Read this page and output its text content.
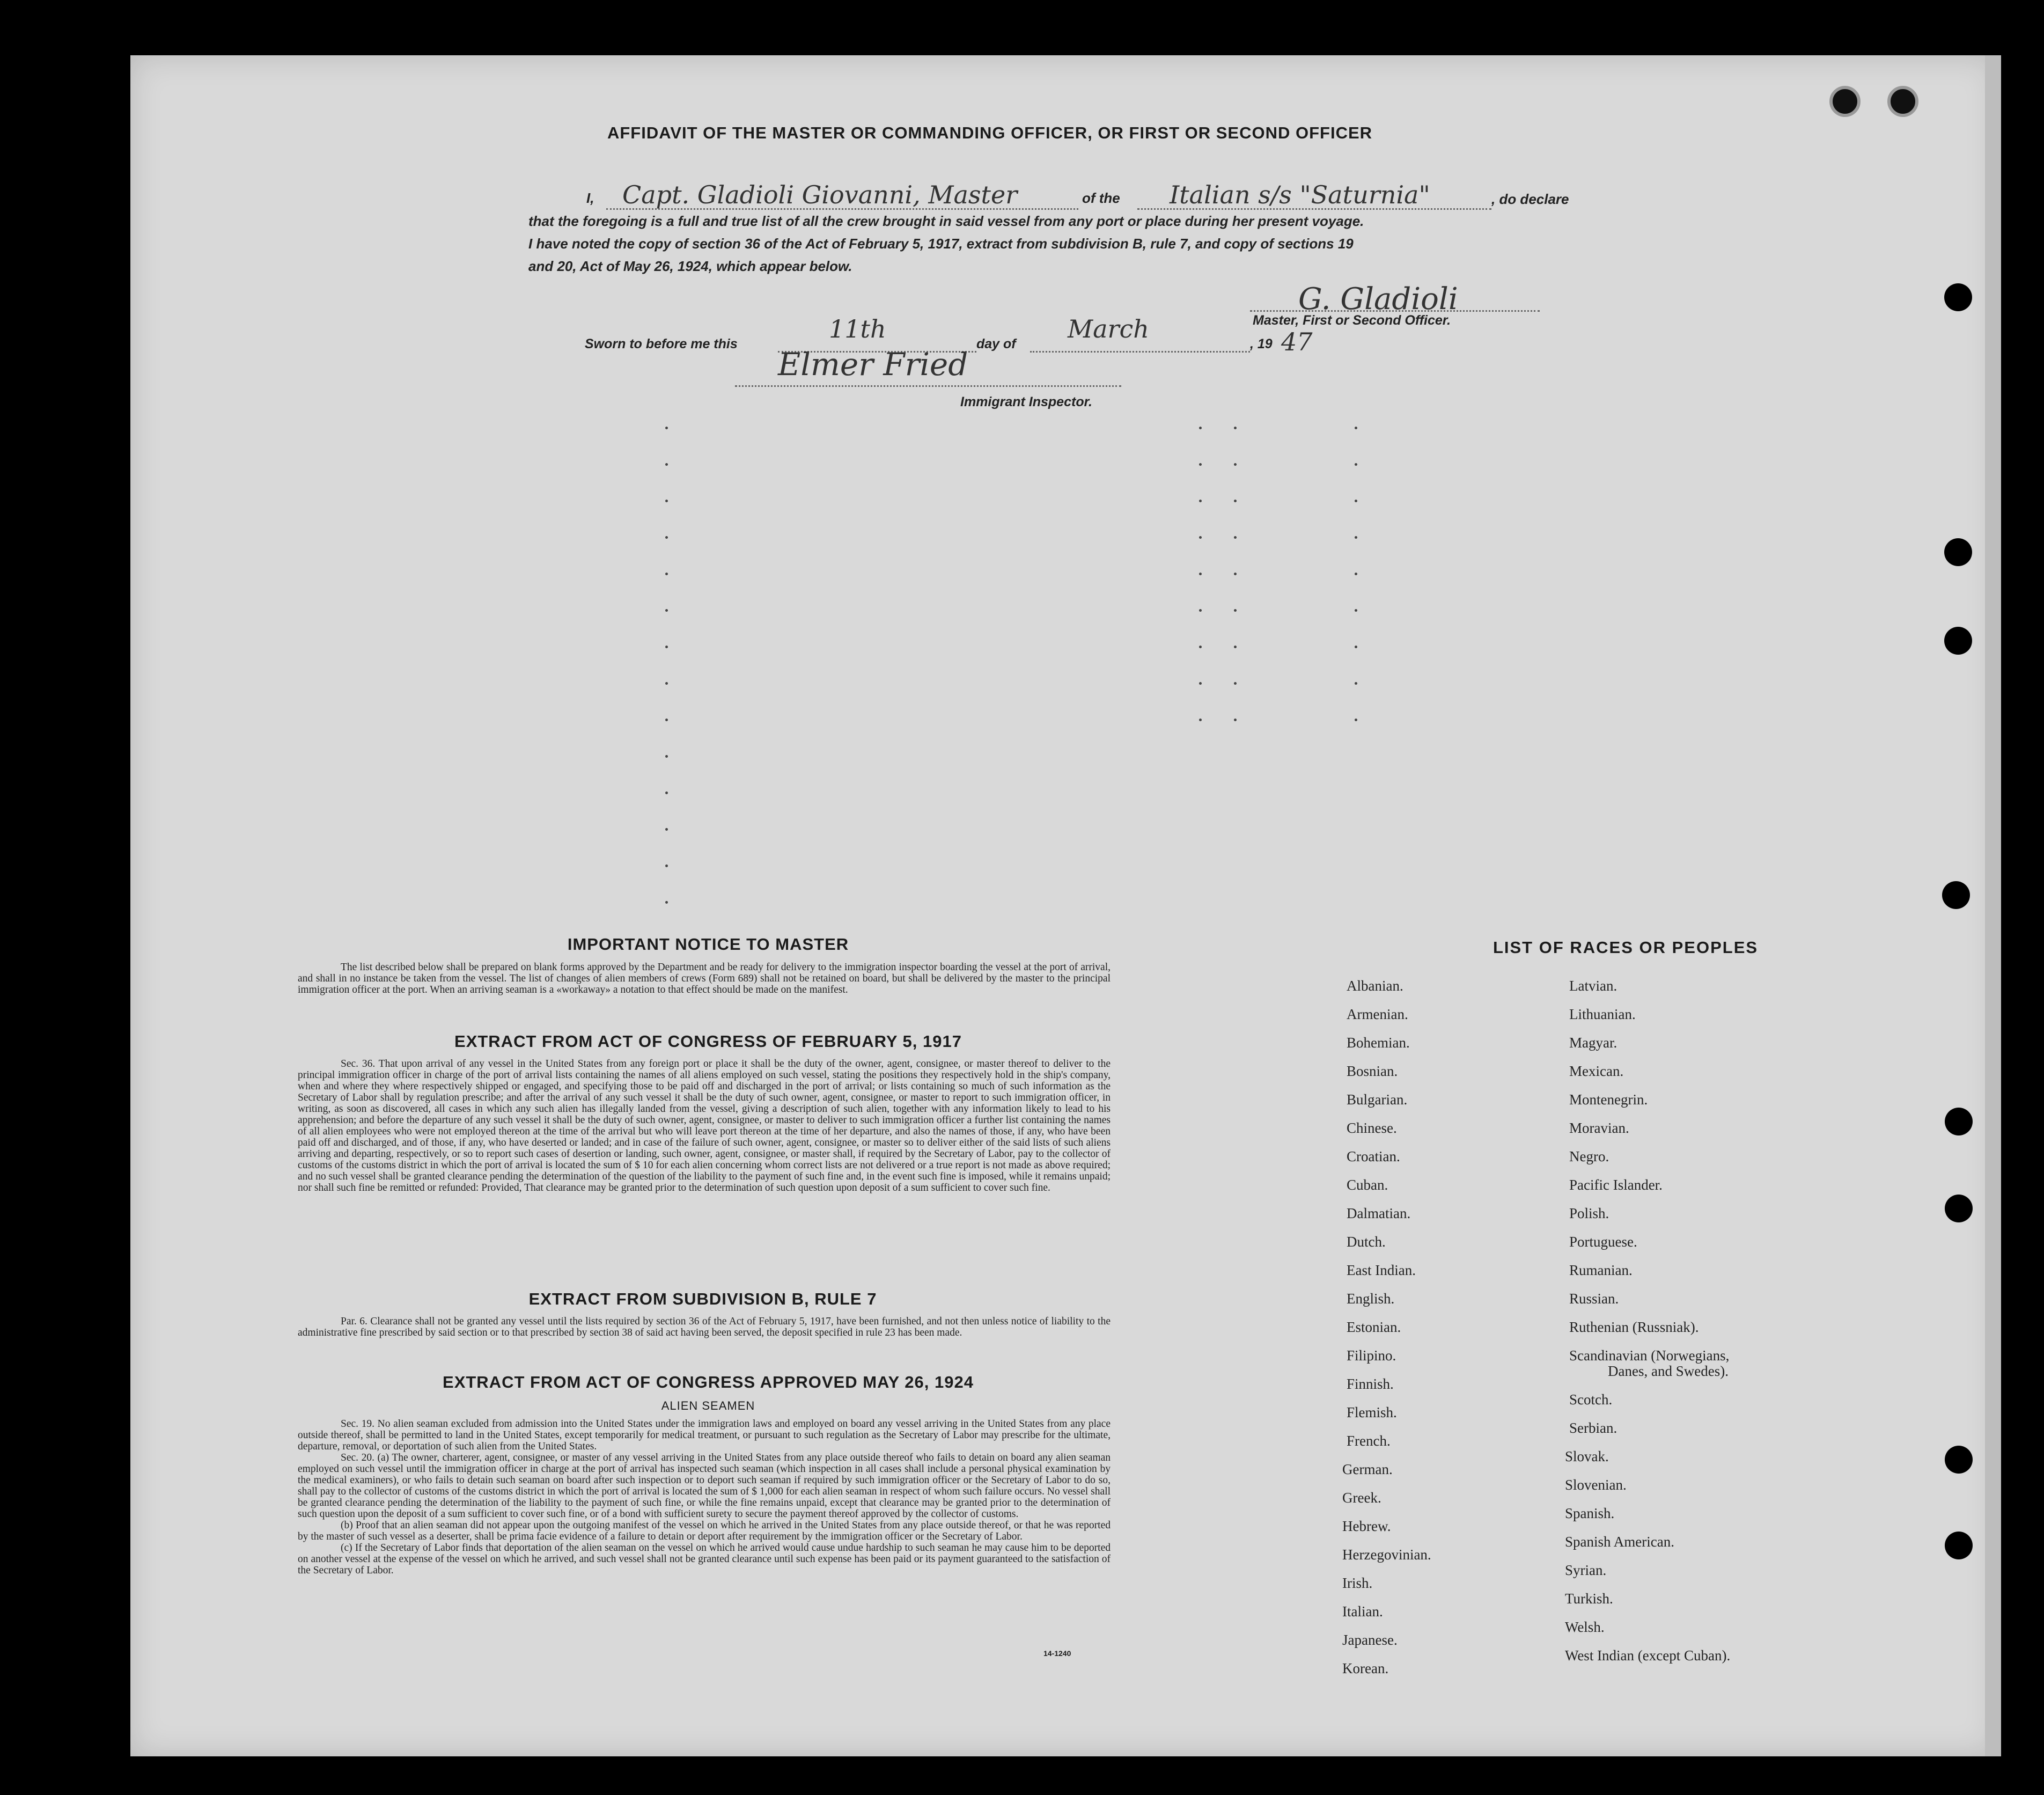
AFFIDAVIT OF THE MASTER OR COMMANDING OFFICER, OR FIRST OR SECOND OFFICER
I, Capt. Gladioli Giovanni, Master	of the Italian s/s "Saturnia"	, do declare
that the foregoing is a full and true list of all the crew brought in said vessel from any port or place during her present voyage.
I have noted the copy of section 36 of the Act of February 5, 1917, extract from subdivision B, rule 7, and copy of sections 19
and 20, Act of May 26, 1924, which appear below.
G. Gladioli
Master, First or Second Officer.
Sworn to before me this
11th
day of
March
, 19 47
Elmer Fried
Immigrant Inspector.
IMPORTANT NOTICE TO MASTER
The list described below shall be prepared on blank forms approved by the Department and be ready for delivery to the immigration inspector boarding the vessel at the port of arrival, and shall in no instance be taken from the vessel. The list of changes of alien members of crews (Form 689) shall not be retained on board, but shall be delivered by the master to the principal immigration officer at the port. When an arriving seaman is a «workaway» a notation to that effect should be made on the manifest.
EXTRACT FROM ACT OF CONGRESS OF FEBRUARY 5, 1917
Sec. 36. That upon arrival of any vessel in the United States from any foreign port or place it shall be the duty of the owner, agent, consignee, or master thereof to deliver to the principal immigration officer in charge of the port of arrival lists containing the names of all aliens employed on such vessel, stating the positions they respectively hold in the ship's company, when and where they where respectively shipped or engaged, and specifying those to be paid off and discharged in the port of arrival; or lists containing so much of such information as the Secretary of Labor shall by regulation prescribe; and after the arrival of any such vessel it shall be the duty of such owner, agent, consignee, or master to report to such immigration officer, in writing, as soon as discovered, all cases in which any such alien has illegally landed from the vessel, giving a description of such alien, together with any information likely to lead to his apprehension; and before the departure of any such vessel it shall be the duty of such owner, agent, consignee, or master to deliver to such immigration officer a further list containing the names of all alien employees who were not employed thereon at the time of the arrival but who will leave port thereon at the time of her departure, and also the names of those, if any, who have been paid off and discharged, and of those, if any, who have deserted or landed; and in case of the failure of such owner, agent, consignee, or master so to deliver either of the said lists of such aliens arriving and departing, respectively, or so to report such cases of desertion or landing, such owner, agent, consignee, or master shall, if required by the Secretary of Labor, pay to the collector of customs of the customs district in which the port of arrival is located the sum of $ 10 for each alien concerning whom correct lists are not delivered or a true report is not made as above required; and no such vessel shall be granted clearance pending the determination of the question of the liability to the payment of such fine and, in the event such fine is imposed, while it remains unpaid; nor shall such fine be remitted or refunded: Provided, That clearance may be granted prior to the determination of such question upon deposit of a sum sufficient to cover such fine.
EXTRACT FROM SUBDIVISION B, RULE 7
Par. 6. Clearance shall not be granted any vessel until the lists required by section 36 of the Act of February 5, 1917, have been furnished, and not then unless notice of liability to the administrative fine prescribed by said section or to that prescribed by section 38 of said act having been served, the deposit specified in rule 23 has been made.
EXTRACT FROM ACT OF CONGRESS APPROVED MAY 26, 1924
ALIEN SEAMEN
Sec. 19. No alien seaman excluded from admission into the United States under the immigration laws and employed on board any vessel arriving in the United States from any place outside thereof, shall be permitted to land in the United States, except temporarily for medical treatment, or pursuant to such regulation as the Secretary of Labor may prescribe for the ultimate, departure, removal, or deportation of such alien from the United States.
Sec. 20. (a) The owner, charterer, agent, consignee, or master of any vessel arriving in the United States from any place outside thereof who fails to detain on board any alien seaman employed on such vessel until the immigration officer in charge at the port of arrival has inspected such seaman (which inspection in all cases shall include a personal physical examination by the medical examiners), or who fails to detain such seaman on board after such inspection or to deport such seaman if required by such immigration officer or the Secretary of Labor to do so, shall pay to the collector of customs of the customs district in which the port of arrival is located the sum of $ 1,000 for each alien seaman in respect of whom such failure occurs. No vessel shall be granted clearance pending the determination of the liability to the payment of such fine, or while the fine remains unpaid, except that clearance may be granted prior to the determination of such question upon the deposit of a sum sufficient to cover such fine, or of a bond with sufficient surety to secure the payment thereof approved by the collector of customs.
(b) Proof that an alien seaman did not appear upon the outgoing manifest of the vessel on which he arrived in the United States from any place outside thereof, or that he was reported by the master of such vessel as a deserter, shall be prima facie evidence of a failure to detain or deport after requirement by the immigration officer or the Secretary of Labor.
(c) If the Secretary of Labor finds that deportation of the alien seaman on the vessel on which he arrived would cause undue hardship to such seaman he may cause him to be deported on another vessel at the expense of the vessel on which he arrived, and such vessel shall not be granted clearance until such expense has been paid or its payment guaranteed to the satisfaction of the Secretary of Labor.
14-1240
LIST OF RACES OR PEOPLES
Albanian.
Armenian.
Bohemian.
Bosnian.
Bulgarian.
Chinese.
Croatian.
Cuban.
Dalmatian.
Dutch.
East Indian.
English.
Estonian.
Filipino.
Finnish.
Flemish.
French.
German.
Greek.
Hebrew.
Herzegovinian.
Irish.
Italian.
Japanese.
Korean.
Latvian.
Lithuanian.
Magyar.
Mexican.
Montenegrin.
Moravian.
Negro.
Pacific Islander.
Polish.
Portuguese.
Rumanian.
Russian.
Ruthenian (Russniak).
Scandinavian (Norwegians,
Danes, and Swedes).
Scotch.
Serbian.
Slovak.
Slovenian.
Spanish.
Spanish American.
Syrian.
Turkish.
Welsh.
West Indian (except Cuban).
